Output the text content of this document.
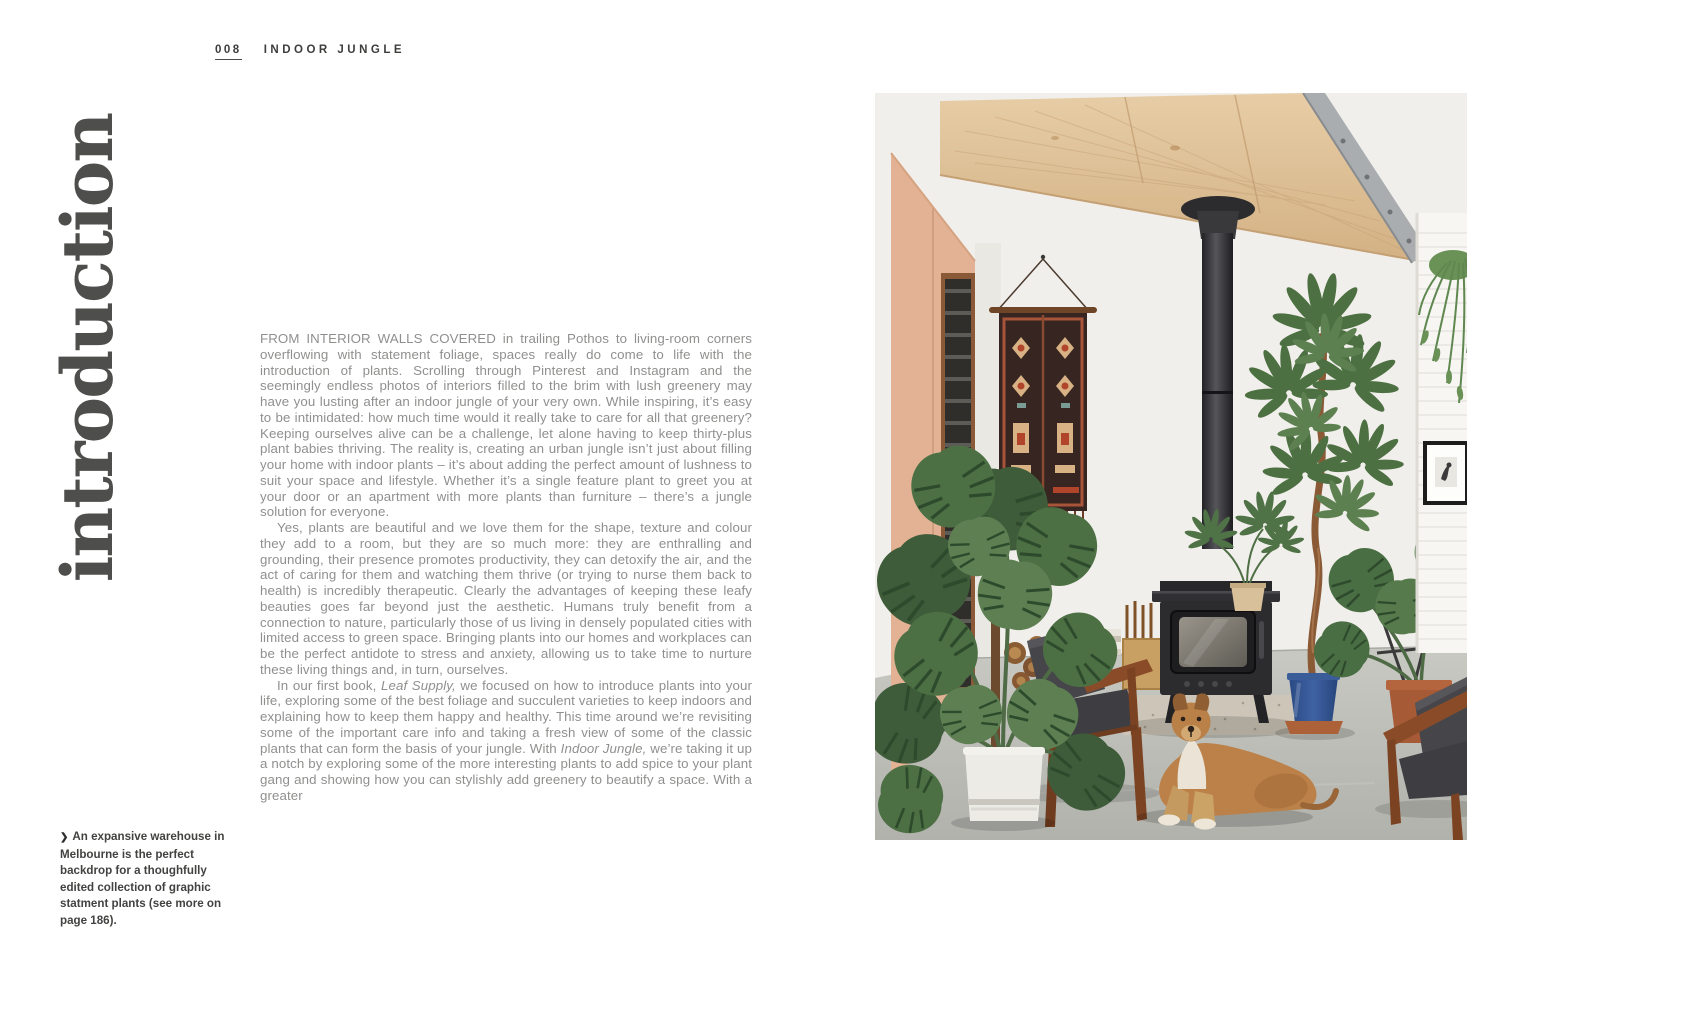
008 INDOOR JUNGLE
introduction	FROM INTERIOR WALLS COVERED in trailing Pothos to living-room corners overflowing with statement foliage, spaces really do come to life with the introduction of plants. Scrolling through Pinterest and Instagram and the seemingly endless photos of interiors filled to the brim with lush greenery may have you lusting after an indoor jungle of your very own. While inspiring, it’s easy to be intimidated: how much time would it really take to care for all that greenery? Keeping ourselves alive can be a challenge, let alone having to keep thirty-plus plant babies thriving. The reality is, creating an urban jungle isn’t just about filling your home with indoor plants – it’s about adding the perfect amount of lushness to suit your space and lifestyle. Whether it’s a single feature plant to greet you at your door or an apartment with more plants than furniture – there’s a jungle solution for everyone.

Yes, plants are beautiful and we love them for the shape, texture and colour they add to a room, but they are so much more: they are enthralling and grounding, their presence promotes productivity, they can detoxify the air, and the act of caring for them and watching them thrive (or trying to nurse them back to health) is incredibly therapeutic. Clearly the advantages of keeping these leafy beauties goes far beyond just the aesthetic. Humans truly benefit from a connection to nature, particularly those of us living in densely populated cities with limited access to green space. Bringing plants into our homes and workplaces can be the perfect antidote to stress and anxiety, allowing us to take time to nurture these living things and, in turn, ourselves.

In our first book, Leaf Supply, we focused on how to introduce plants into your life, exploring some of the best foliage and succulent varieties to keep indoors and explaining how to keep them happy and healthy. This time around we’re revisiting some of the important care info and taking a fresh view of some of the classic plants that can form the basis of your jungle. With Indoor Jungle, we’re taking it up a notch by exploring some of the more interesting plants to add spice to your plant gang and showing how you can stylishly add greenery to beautify a space. With a greater

❯ An expansive warehouse in Melbourne is the perfect backdrop for a thoughfully edited collection of graphic statment plants (see more on page 186).
